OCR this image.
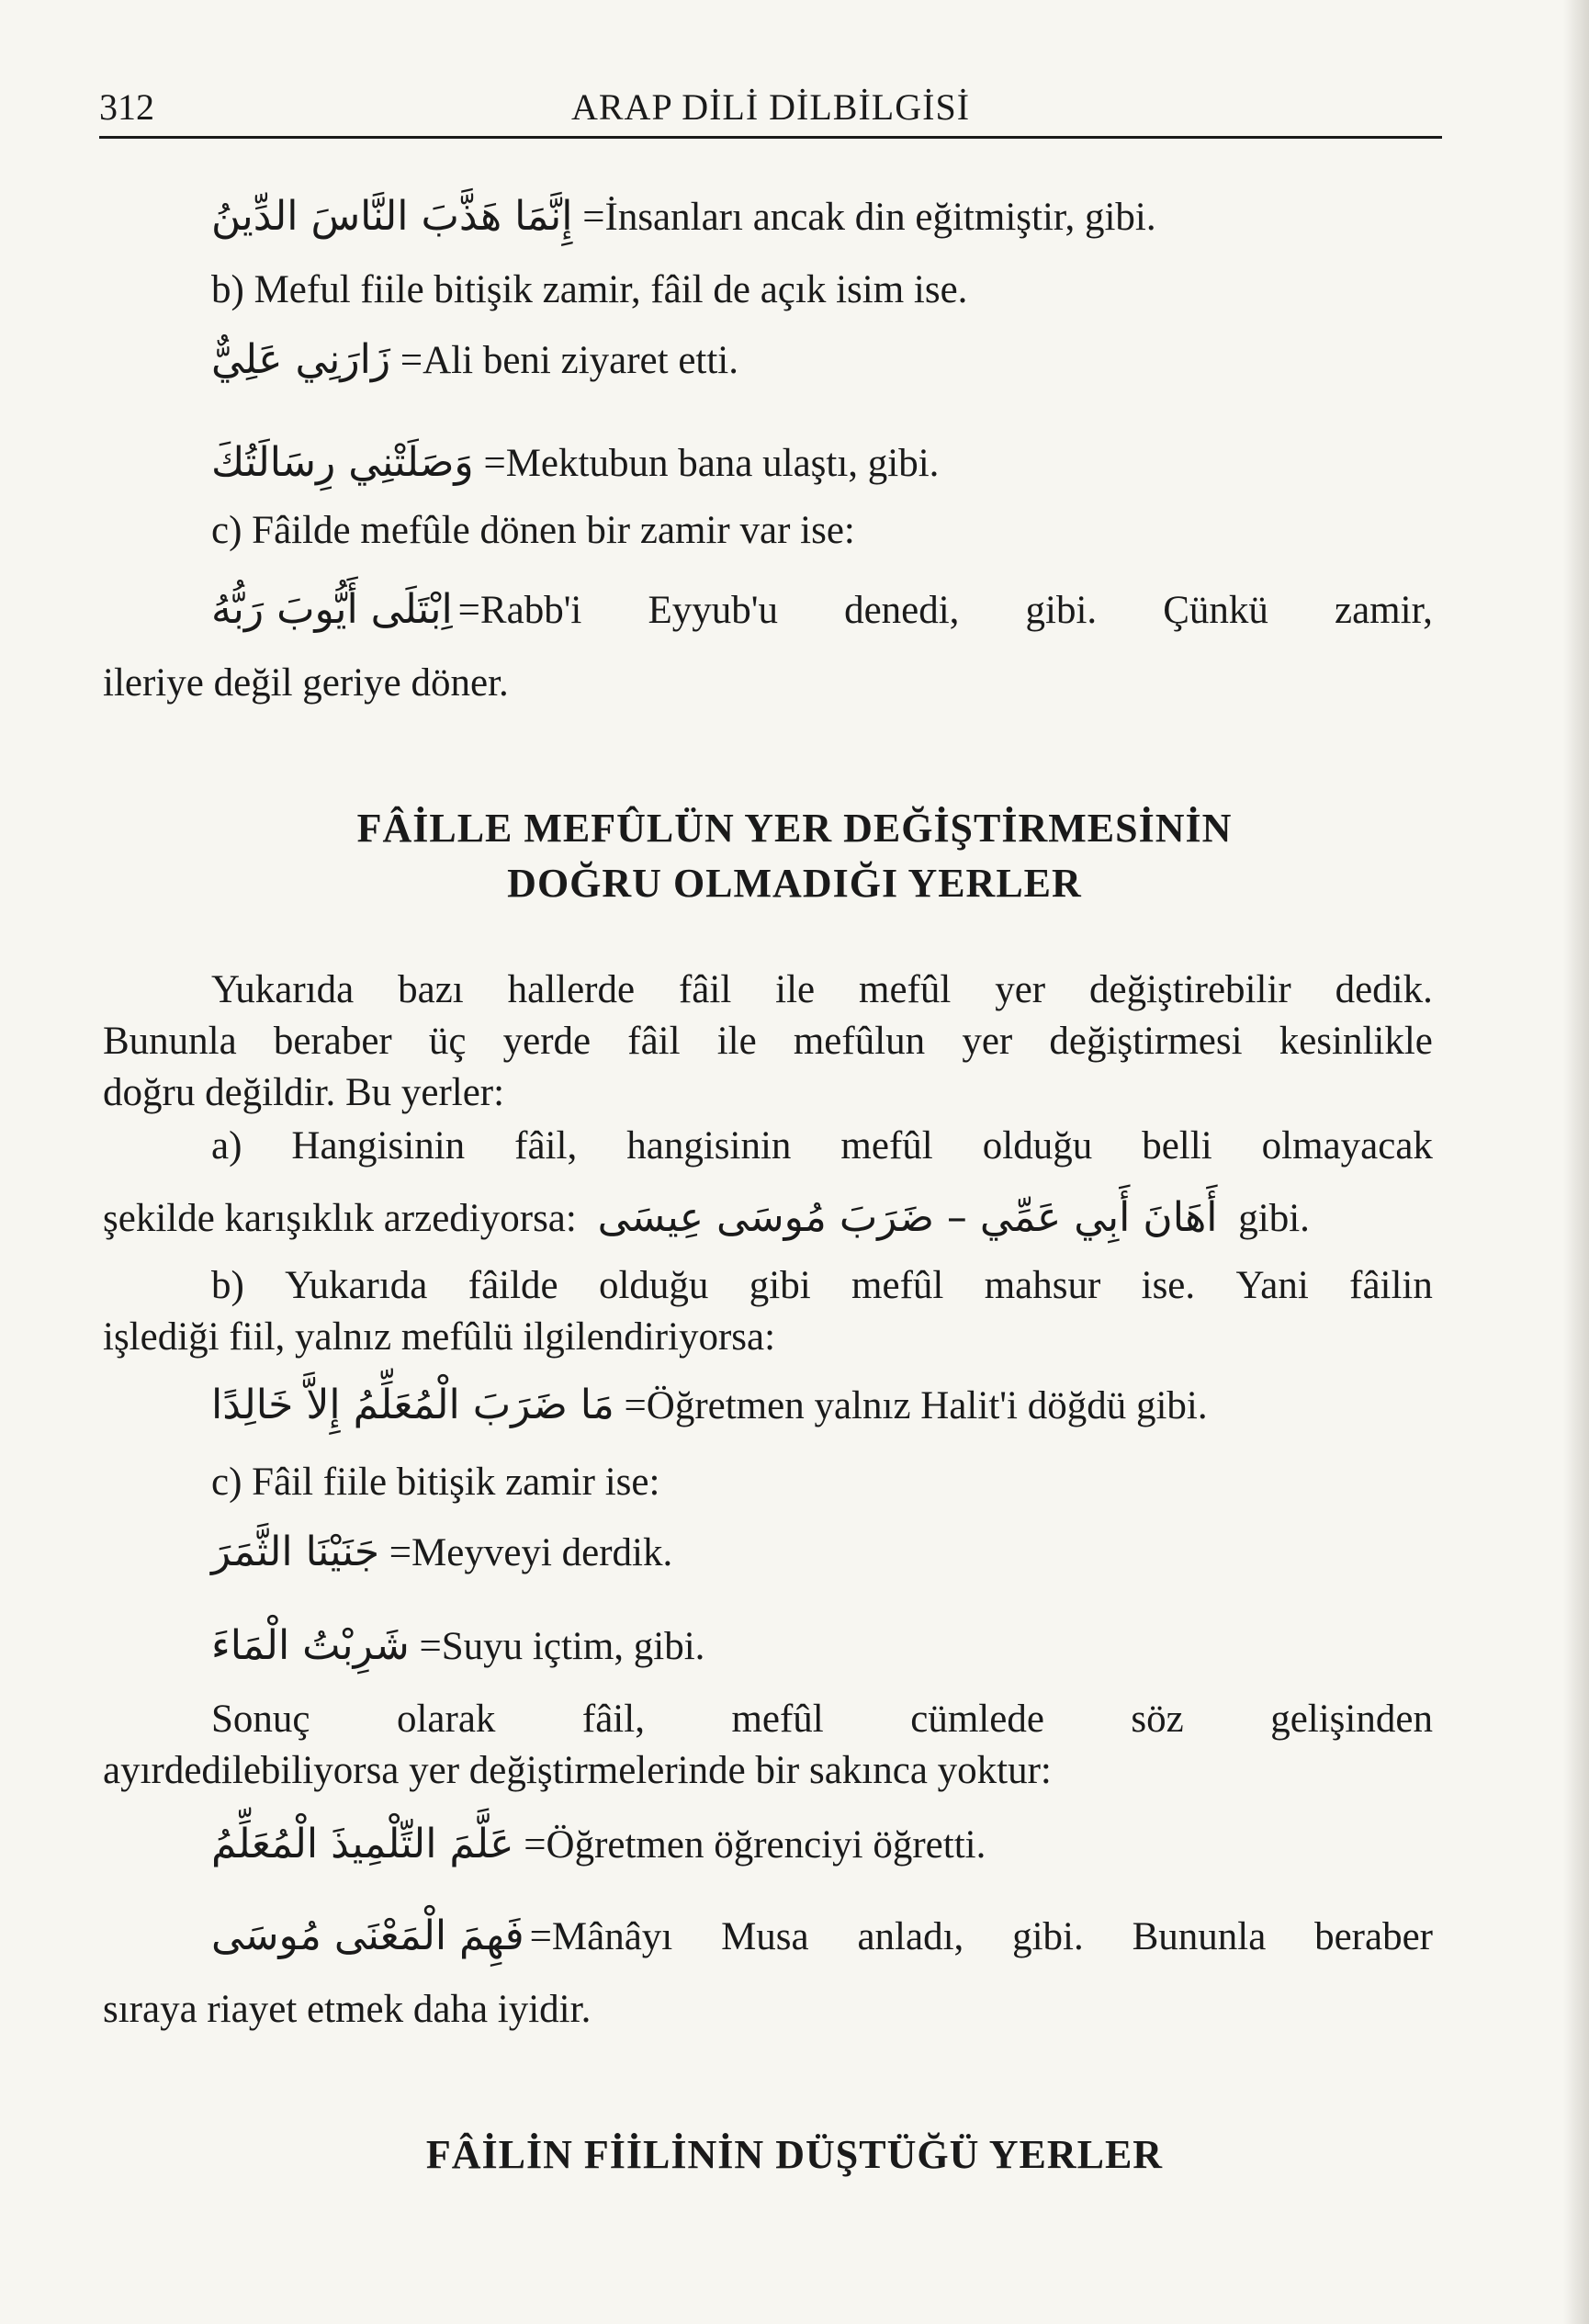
312	ARAP DİLİ DİLBİLGİSİ
إِنَّمَا هَذَّبَ النَّاسَ الدِّينُ =İnsanları ancak din eğitmiştir, gibi.
b) Meful fiile bitişik zamir, fâil de açık isim ise.
زَارَنِي عَلِيٌّ =Ali beni ziyaret etti.
وَصَلَتْنِي رِسَالَتُكَ =Mektubun bana ulaştı, gibi.
c) Fâilde mefûle dönen bir zamir var ise:
اِبْتَلَى أَيُّوبَ رَبُّهُ =Rabb'i Eyyub'u denedi, gibi. Çünkü zamir,
ileriye değil geriye döner.
FÂİLLE MEFÛLÜN YER DEĞİŞTİRMESİNİN
DOĞRU OLMADIĞI YERLER
Yukarıda bazı hallerde fâil ile mefûl yer değiştirebilir dedik.
Bununla beraber üç yerde fâil ile mefûlun yer değiştirmesi kesinlikle
doğru değildir. Bu yerler:
a) Hangisinin fâil, hangisinin mefûl olduğu belli olmayacak
şekilde karışıklık arzediyorsa: أَهَانَ أَبِي عَمِّي – ضَرَبَ مُوسَى عِيسَى gibi.
b) Yukarıda fâilde olduğu gibi mefûl mahsur ise. Yani fâilin
işlediği fiil, yalnız mefûlü ilgilendiriyorsa:
مَا ضَرَبَ الْمُعَلِّمُ إِلاَّ خَالِدًا =Öğretmen yalnız Halit'i döğdü gibi.
c) Fâil fiile bitişik zamir ise:
جَنَيْنَا الثَّمَرَ =Meyveyi derdik.
شَرِبْتُ الْمَاءَ =Suyu içtim, gibi.
Sonuç olarak fâil, mefûl cümlede söz gelişinden
ayırdedilebiliyorsa yer değiştirmelerinde bir sakınca yoktur:
عَلَّمَ التِّلْمِيذَ الْمُعَلِّمُ =Öğretmen öğrenciyi öğretti.
فَهِمَ الْمَعْنَى مُوسَى =Mânâyı Musa anladı, gibi. Bununla beraber
sıraya riayet etmek daha iyidir.
FÂİLİN FİİLİNİN DÜŞTÜĞÜ YERLER
